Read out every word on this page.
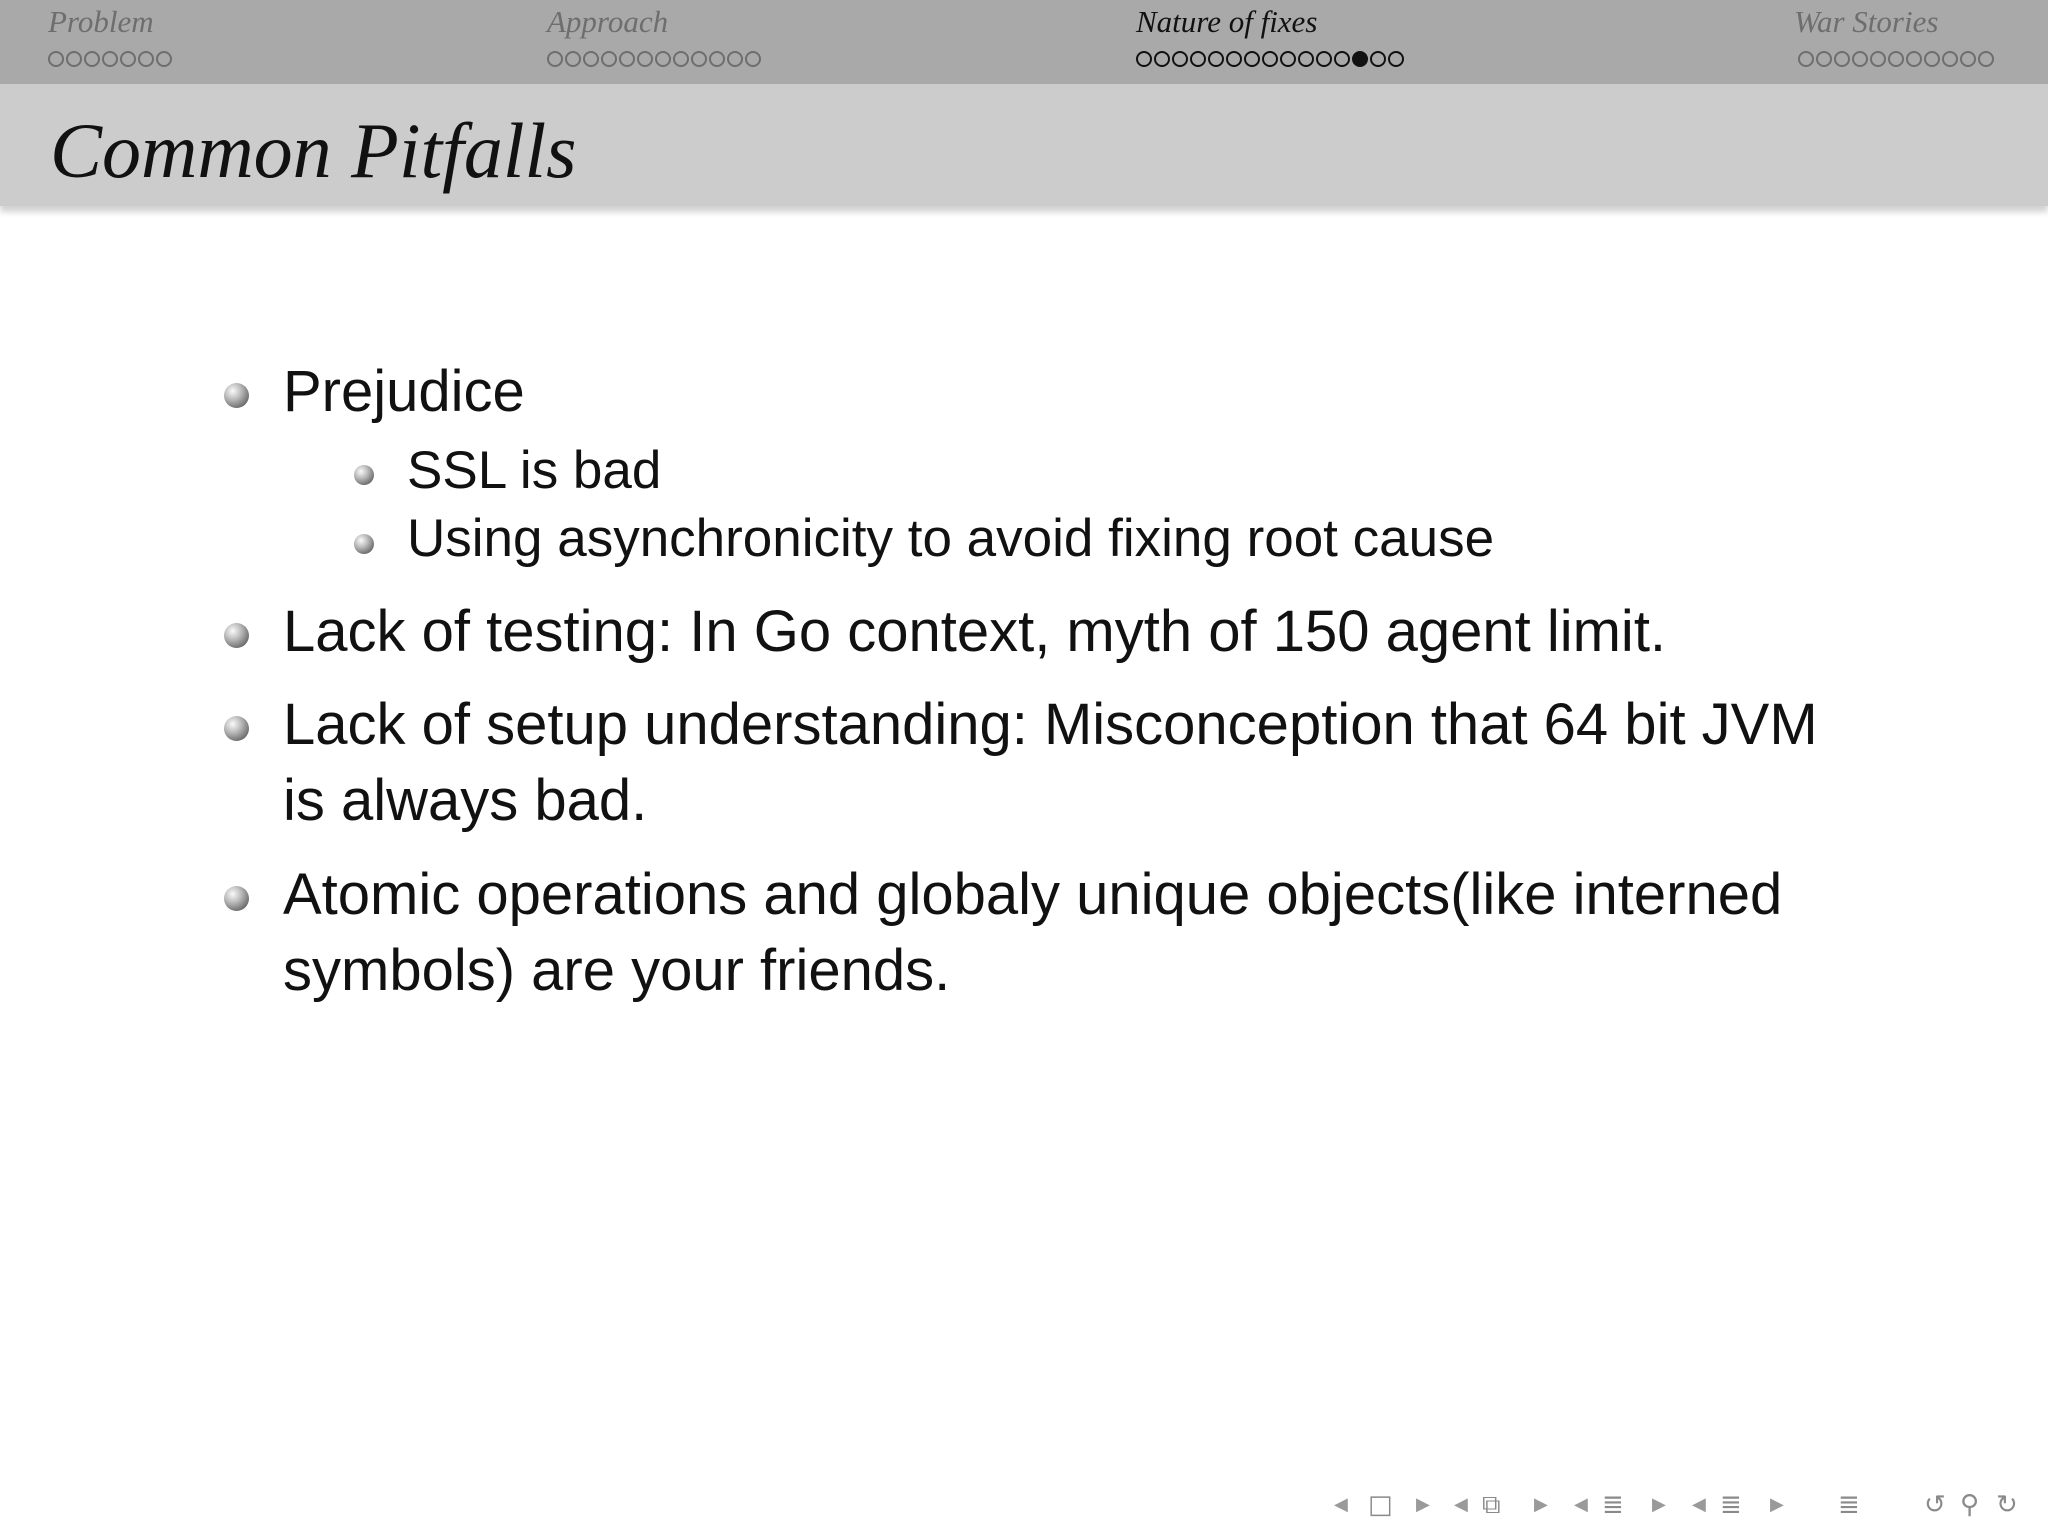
Problem	Approach	Nature of fixes	War Stories
Common Pitfalls
Prejudice
SSL is bad
Using asynchronicity to avoid fixing root cause
Lack of testing: In Go context, myth of 150 agent limit.
Lack of setup understanding: Misconception that 64 bit JVM is always bad.
Atomic operations and globaly unique objects(like interned symbols) are your friends.
◀ □ ▶ ◀ ⧉ ▶ ◀ ≣ ▶ ◀ ≣ ▶ ≣ ↺ ⚲ ↻
